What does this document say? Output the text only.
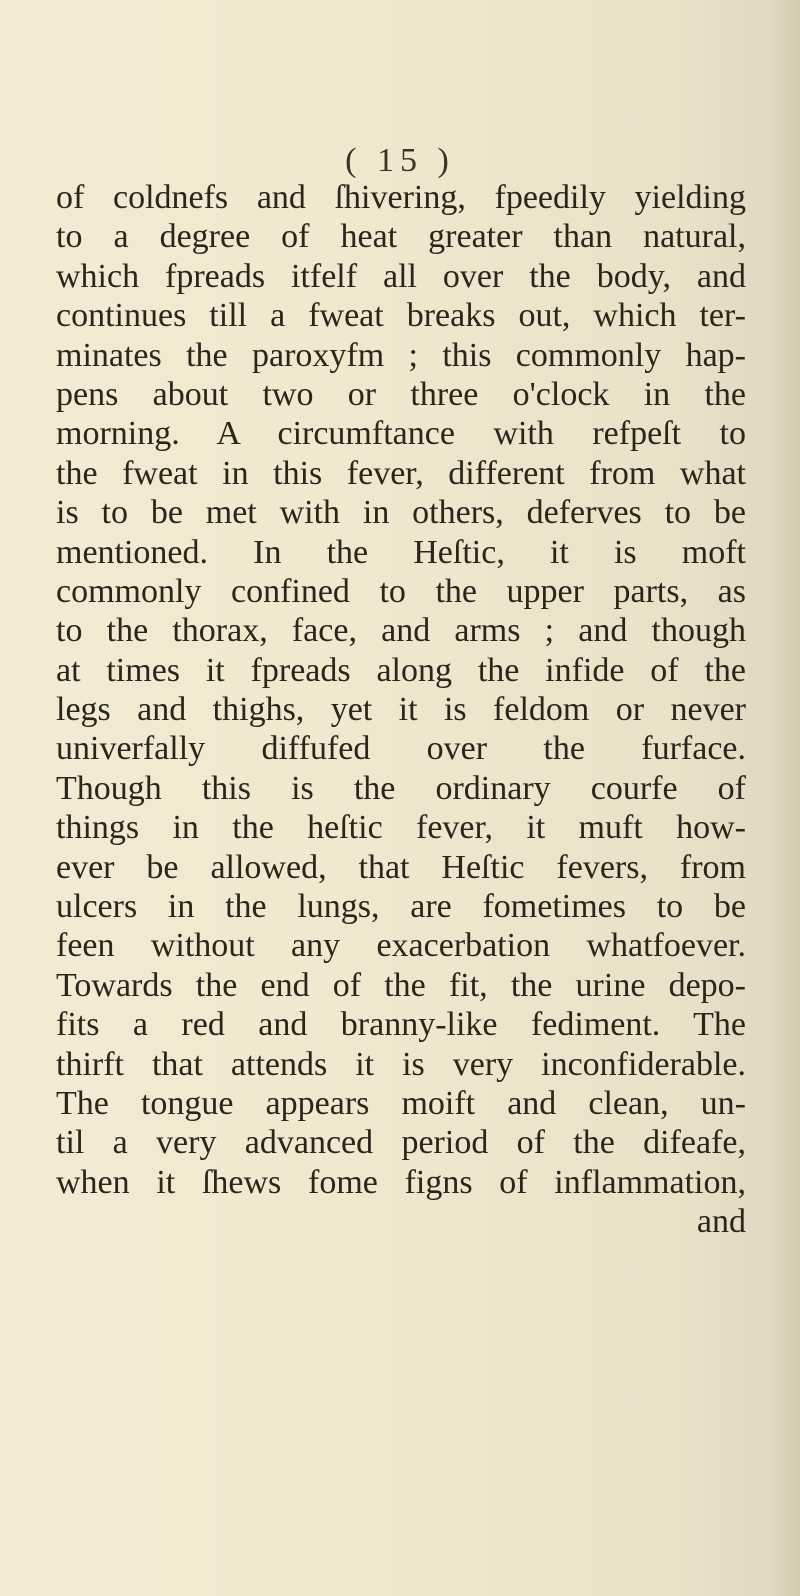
( 15 )
of coldnefs and ſhivering, fpeedily yielding
to a degree of heat greater than natural,
which fpreads itfelf all over the body, and
continues till a fweat breaks out, which ter-
minates the paroxyfm ; this commonly hap-
pens about two or three o'clock in the
morning. A circumftance with refpeſt to
the fweat in this fever, different from what
is to be met with in others, deferves to be
mentioned. In the Heſtic, it is moft
commonly confined to the upper parts, as
to the thorax, face, and arms ; and though
at times it fpreads along the infide of the
legs and thighs, yet it is feldom or never
univerfally diffufed over the furface.
Though this is the ordinary courfe of
things in the heſtic fever, it muft how-
ever be allowed, that Heſtic fevers, from
ulcers in the lungs, are fometimes to be
feen without any exacerbation whatfoever.
Towards the end of the fit, the urine depo-
fits a red and branny-like fediment. The
thirft that attends it is very inconfiderable.
The tongue appears moift and clean, un-
til a very advanced period of the difeafe,
when it ſhews fome figns of inflammation,
and
